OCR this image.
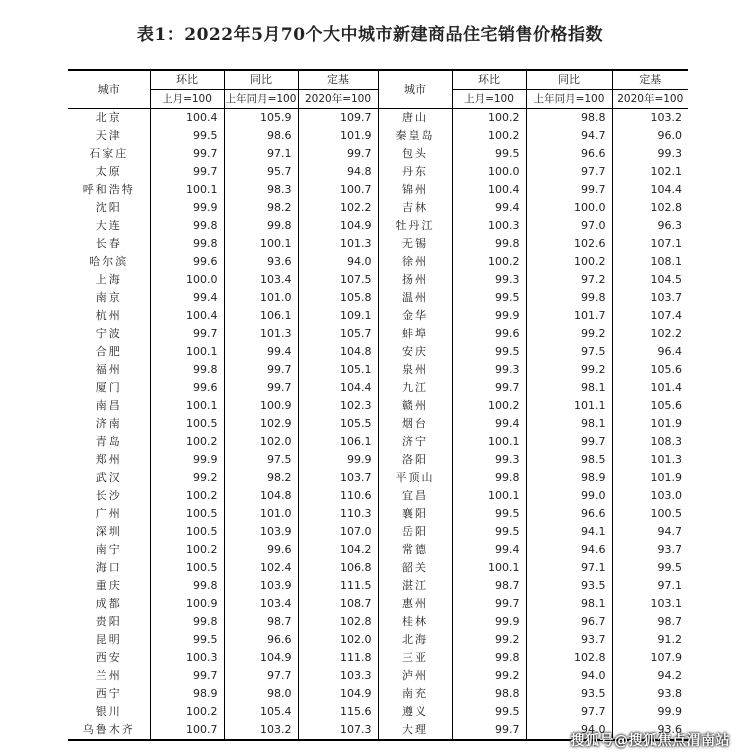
表1：2022年5月70个大中城市新建商品住宅销售价格指数
城市	环比	同比	定基	城市	环比	同比	定基
	上月=100	上年同月=100	2020年=100		上月=100	上年同月=100	2020年=100
北京	100.4	105.9	109.7	唐山	100.2	98.8	103.2
天津	99.5	98.6	101.9	秦皇岛	100.2	94.7	96.0
石家庄	99.7	97.1	99.7	包头	99.5	96.6	99.3
太原	99.7	95.7	94.8	丹东	100.0	97.7	102.1
呼和浩特	100.1	98.3	100.7	锦州	100.4	99.7	104.4
沈阳	99.9	98.2	102.2	吉林	99.4	100.0	102.8
大连	99.8	99.8	104.9	牡丹江	100.3	97.0	96.3
长春	99.8	100.1	101.3	无锡	99.8	102.6	107.1
哈尔滨	99.6	93.6	94.0	徐州	100.2	100.2	108.1
上海	100.0	103.4	107.5	扬州	99.3	97.2	104.5
南京	99.4	101.0	105.8	温州	99.5	99.8	103.7
杭州	100.4	106.1	109.1	金华	99.9	101.7	107.4
宁波	99.7	101.3	105.7	蚌埠	99.6	99.2	102.2
合肥	100.1	99.4	104.8	安庆	99.5	97.5	96.4
福州	99.8	99.7	105.1	泉州	99.3	99.2	105.6
厦门	99.6	99.7	104.4	九江	99.7	98.1	101.4
南昌	100.1	100.9	102.3	赣州	100.2	101.1	105.6
济南	100.5	102.9	105.5	烟台	99.4	98.1	101.9
青岛	100.2	102.0	106.1	济宁	100.1	99.7	108.3
郑州	99.9	97.5	99.9	洛阳	99.3	98.5	101.3
武汉	99.2	98.2	103.7	平顶山	99.8	98.9	101.9
长沙	100.2	104.8	110.6	宜昌	100.1	99.0	103.0
广州	100.5	101.0	110.3	襄阳	99.5	96.6	100.5
深圳	100.5	103.9	107.0	岳阳	99.5	94.1	94.7
南宁	100.2	99.6	104.2	常德	99.4	94.6	93.7
海口	100.5	102.4	106.8	韶关	100.1	97.1	99.5
重庆	99.8	103.9	111.5	湛江	98.7	93.5	97.1
成都	100.9	103.4	108.7	惠州	99.7	98.1	103.1
贵阳	99.8	98.7	102.8	桂林	99.9	96.7	98.7
昆明	99.5	96.6	102.0	北海	99.2	93.7	91.2
西安	100.3	104.9	111.8	三亚	99.8	102.8	107.9
兰州	99.7	97.7	103.3	泸州	99.2	94.0	94.2
西宁	98.9	98.0	104.9	南充	98.8	93.5	93.8
银川	100.2	105.4	115.6	遵义	99.5	97.7	99.9
乌鲁木齐	100.7	103.2	107.3	大理	99.7	94.0	93.6
搜狐号@搜狐焦点渭南站
